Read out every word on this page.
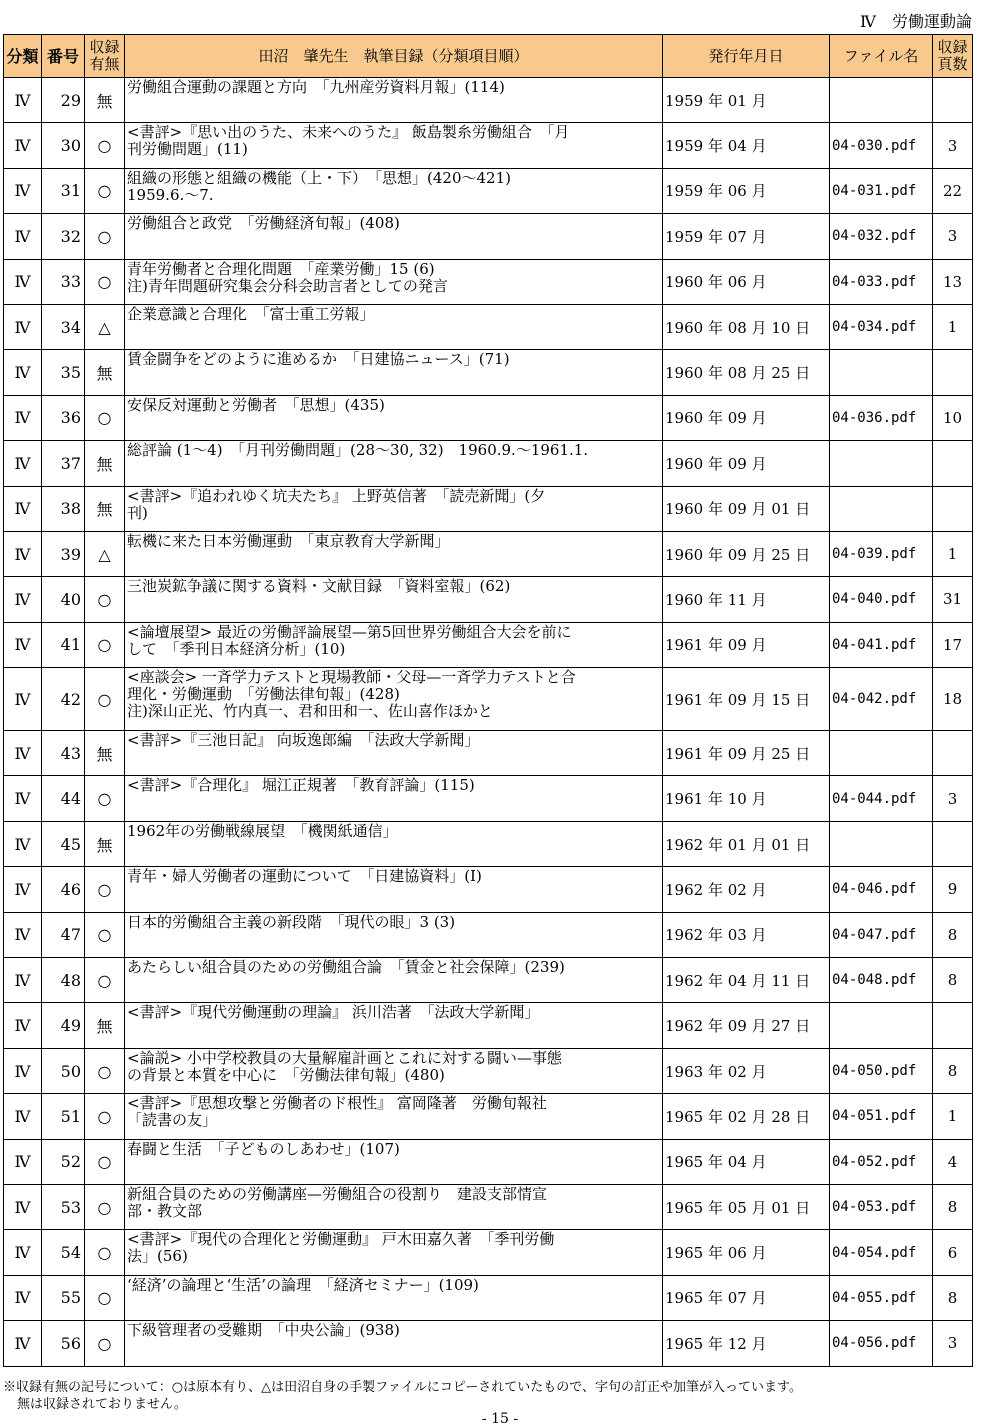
Ⅳ　労働運動論
分類	番号	収録有無	田沼　肇先生　執筆目録（分類項目順）	発行年月日	ファイル名	収録頁数
Ⅳ	29	無	労働組合運動の課題と方向　「九州産労資料月報」(114)	1959 年 01 月		
Ⅳ	30	○	<書評>『思い出のうた、未来へのうた』 飯島製糸労働組合　「月
刊労働問題」(11)	1959 年 04 月	04-030.pdf	3
Ⅳ	31	○	組織の形態と組織の機能（上・下）　「思想」(420～421)
1959.6.～7.	1959 年 06 月	04-031.pdf	22
Ⅳ	32	○	労働組合と政党　「労働経済旬報」(408)	1959 年 07 月	04-032.pdf	3
Ⅳ	33	○	青年労働者と合理化問題　「産業労働」15 (6)
注)青年問題研究集会分科会助言者としての発言	1960 年 06 月	04-033.pdf	13
Ⅳ	34	△	企業意識と合理化　「富士重工労報」	1960 年 08 月 10 日	04-034.pdf	1
Ⅳ	35	無	賃金闘争をどのように進めるか　「日建協ニュース」(71)	1960 年 08 月 25 日		
Ⅳ	36	○	安保反対運動と労働者　「思想」(435)	1960 年 09 月	04-036.pdf	10
Ⅳ	37	無	総評論 (1～4)　「月刊労働問題」(28～30, 32)　1960.9.～1961.1.	1960 年 09 月		
Ⅳ	38	無	<書評>『追われゆく坑夫たち』 上野英信著　「読売新聞」(夕
刊)	1960 年 09 月 01 日		
Ⅳ	39	△	転機に来た日本労働運動　「東京教育大学新聞」	1960 年 09 月 25 日	04-039.pdf	1
Ⅳ	40	○	三池炭鉱争議に関する資料・文献目録　「資料室報」(62)	1960 年 11 月	04-040.pdf	31
Ⅳ	41	○	<論壇展望> 最近の労働評論展望—第5回世界労働組合大会を前に
して　「季刊日本経済分析」(10)	1961 年 09 月	04-041.pdf	17
Ⅳ	42	○	<座談会> 一斉学力テストと現場教師・父母—一斉学力テストと合
理化・労働運動　「労働法律旬報」(428)
注)深山正光、竹内真一、君和田和一、佐山喜作ほかと	1961 年 09 月 15 日	04-042.pdf	18
Ⅳ	43	無	<書評>『三池日記』 向坂逸郎編　「法政大学新聞」	1961 年 09 月 25 日		
Ⅳ	44	○	<書評>『合理化』 堀江正規著　「教育評論」(115)	1961 年 10 月	04-044.pdf	3
Ⅳ	45	無	1962年の労働戦線展望　「機関紙通信」	1962 年 01 月 01 日		
Ⅳ	46	○	青年・婦人労働者の運動について　「日建協資料」(Ⅰ)	1962 年 02 月	04-046.pdf	9
Ⅳ	47	○	日本的労働組合主義の新段階　「現代の眼」3 (3)	1962 年 03 月	04-047.pdf	8
Ⅳ	48	○	あたらしい組合員のための労働組合論　「賃金と社会保障」(239)	1962 年 04 月 11 日	04-048.pdf	8
Ⅳ	49	無	<書評>『現代労働運動の理論』 浜川浩著　「法政大学新聞」	1962 年 09 月 27 日		
Ⅳ	50	○	<論説> 小中学校教員の大量解雇計画とこれに対する闘い—事態
の背景と本質を中心に　「労働法律旬報」(480)	1963 年 02 月	04-050.pdf	8
Ⅳ	51	○	<書評>『思想攻撃と労働者のド根性』 富岡隆著　労働旬報社
「読書の友」	1965 年 02 月 28 日	04-051.pdf	1
Ⅳ	52	○	春闘と生活　「子どものしあわせ」(107)	1965 年 04 月	04-052.pdf	4
Ⅳ	53	○	新組合員のための労働講座—労働組合の役割り　建設支部情宣
部・教文部	1965 年 05 月 01 日	04-053.pdf	8
Ⅳ	54	○	<書評>『現代の合理化と労働運動』 戸木田嘉久著　「季刊労働
法」(56)	1965 年 06 月	04-054.pdf	6
Ⅳ	55	○	‘経済’の論理と‘生活’の論理　「経済セミナー」(109)	1965 年 07 月	04-055.pdf	8
Ⅳ	56	○	下級管理者の受難期　「中央公論」(938)	1965 年 12 月	04-056.pdf	3
※収録有無の記号について：○は原本有り、△は田沼自身の手製ファイルにコピーされていたもので、字句の訂正や加筆が入っています。
無は収録されておりません。
- 15 -
